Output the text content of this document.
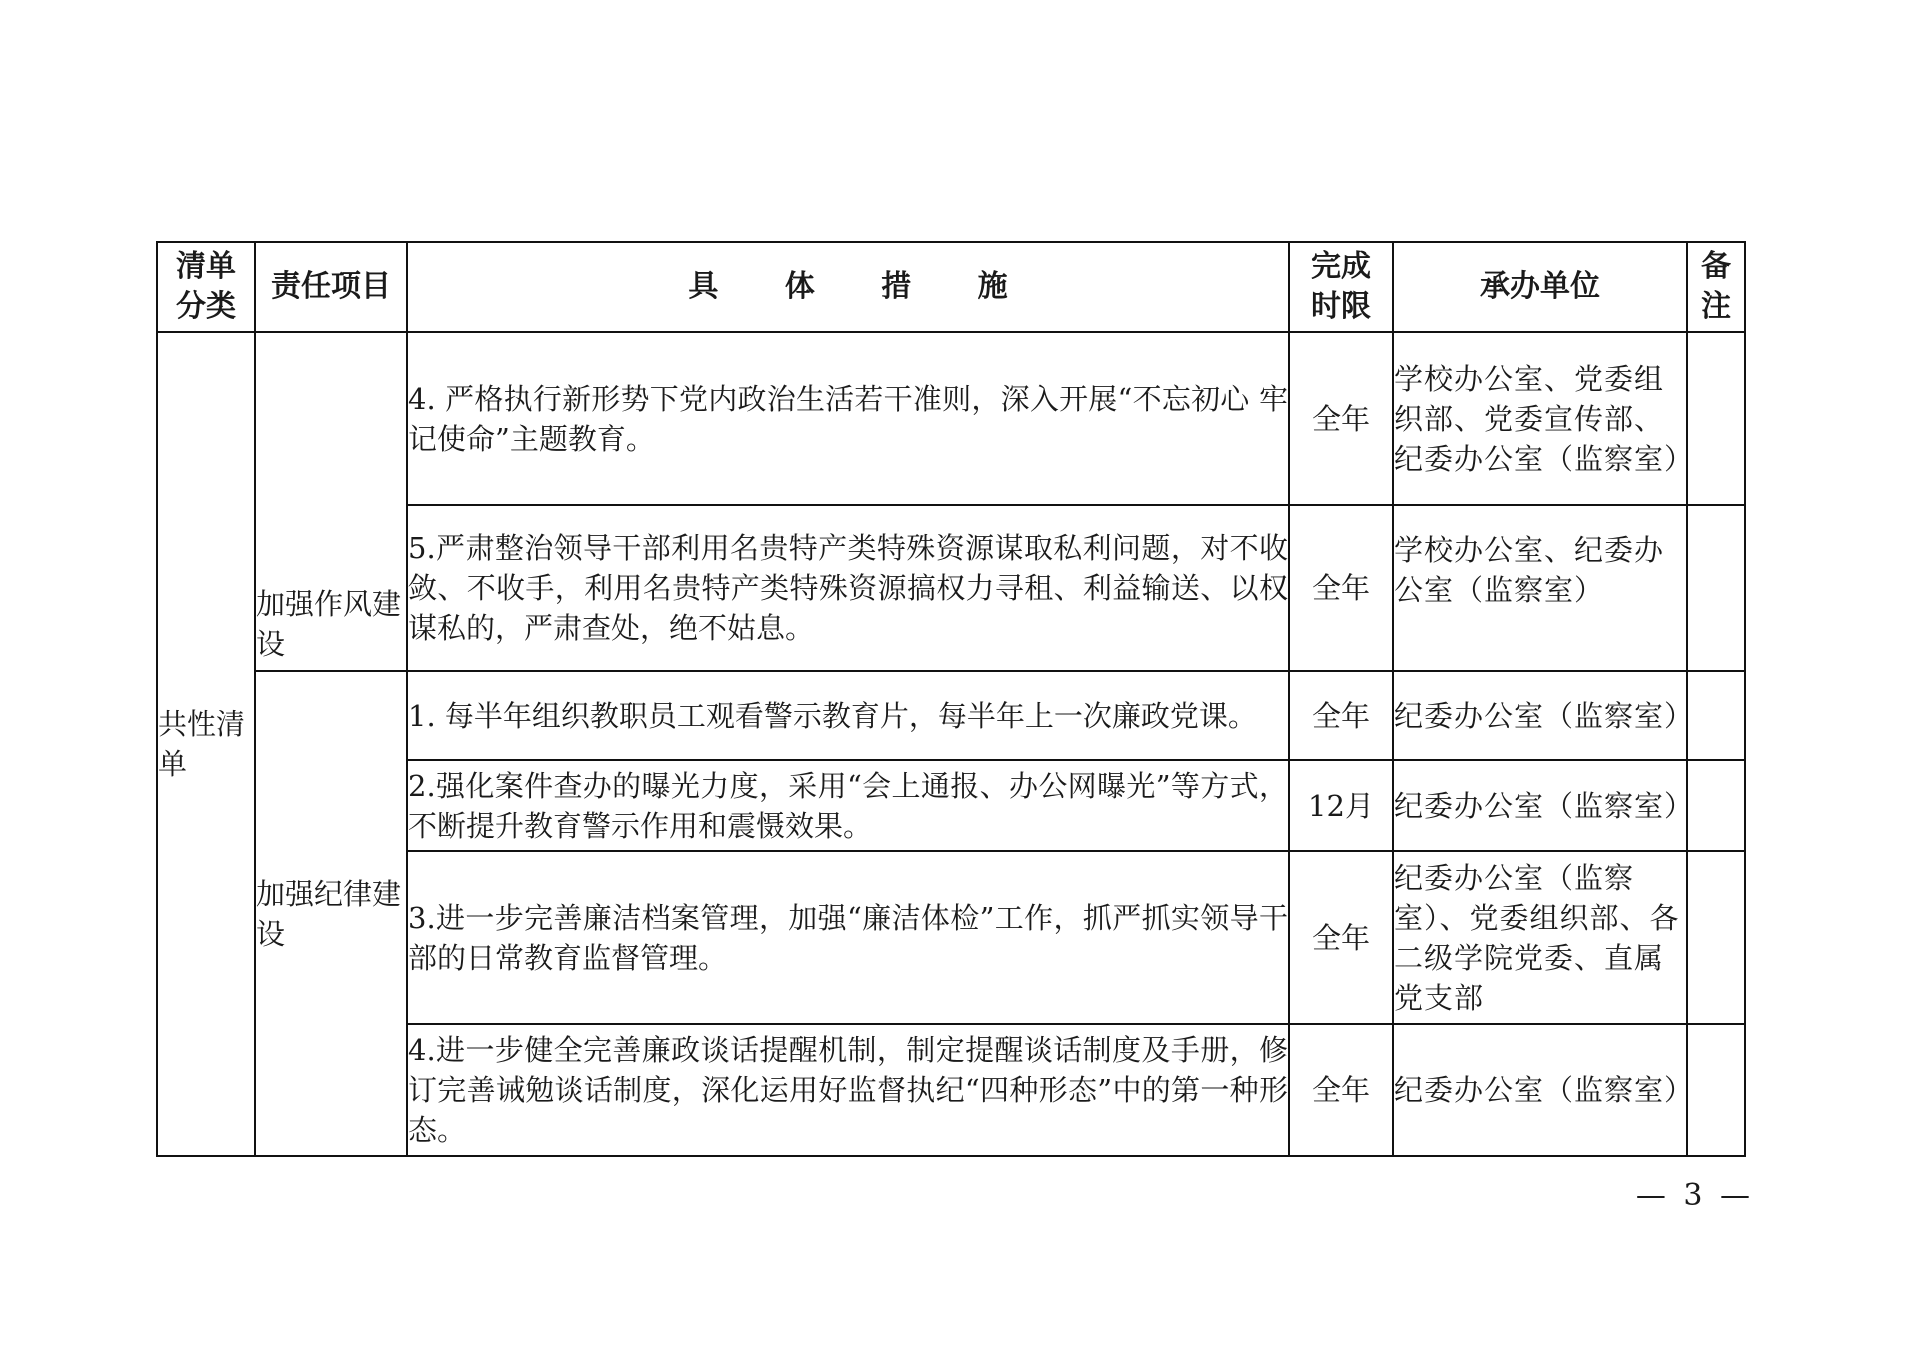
清单分类	责任项目	具 体 措 施	完成时限	承办单位	备注
共性清单	加强作风建设	4. 严格执行新形势下党内政治生活若干准则，深入开展“不忘初心 牢记使命”主题教育。	全年	学校办公室、党委组织部、党委宣传部、纪委办公室（监察室）	
		5.严肃整治领导干部利用名贵特产类特殊资源谋取私利问题，对不收敛、不收手，利用名贵特产类特殊资源搞权力寻租、利益输送、以权谋私的，严肃查处，绝不姑息。	全年	学校办公室、纪委办公室（监察室）	
	加强纪律建设	1. 每半年组织教职员工观看警示教育片，每半年上一次廉政党课。	全年	纪委办公室（监察室）	
		2.强化案件查办的曝光力度，采用“会上通报、办公网曝光”等方式，不断提升教育警示作用和震慑效果。	12月	纪委办公室（监察室）	
		3.进一步完善廉洁档案管理，加强“廉洁体检”工作，抓严抓实领导干部的日常教育监督管理。	全年	纪委办公室（监察室）、党委组织部、各二级学院党委、直属党支部	
		4.进一步健全完善廉政谈话提醒机制，制定提醒谈话制度及手册，修订完善诫勉谈话制度，深化运用好监督执纪“四种形态”中的第一种形态。	全年	纪委办公室（监察室）	
— 3 —
